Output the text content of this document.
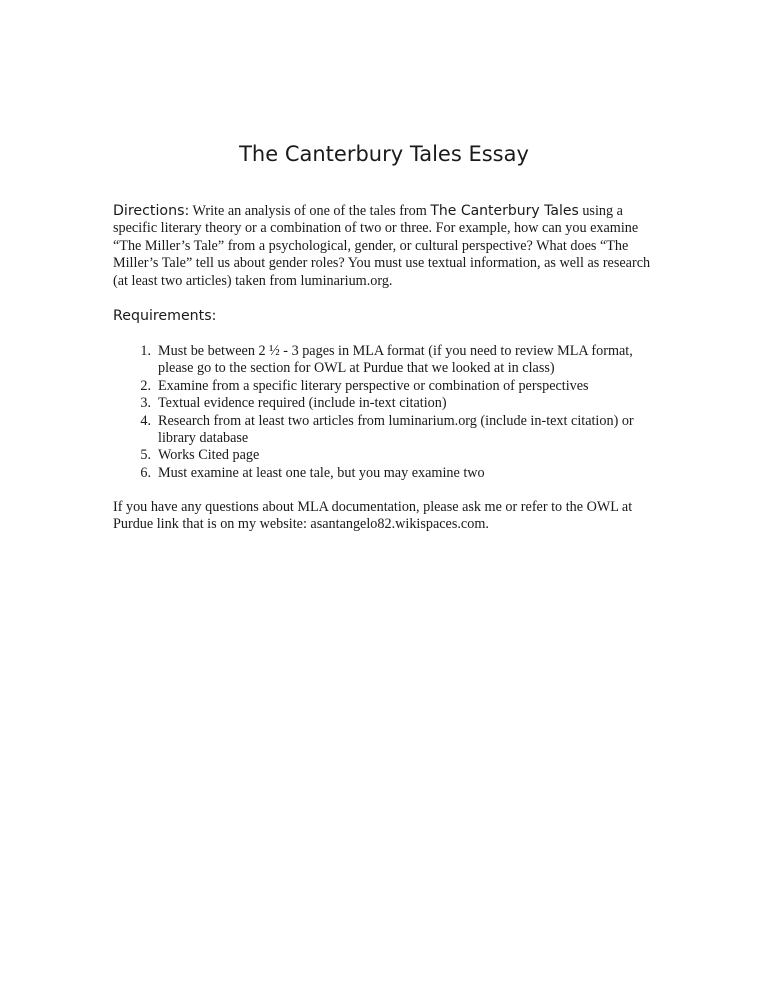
The Canterbury Tales Essay

Directions: Write an analysis of one of the tales from The Canterbury Tales using a specific literary theory or a combination of two or three. For example, how can you examine “The Miller’s Tale” from a psychological, gender, or cultural perspective? What does “The Miller’s Tale” tell us about gender roles? You must use textual information, as well as research (at least two articles) taken from luminarium.org.

Requirements:
1. Must be between 2 ½ - 3 pages in MLA format (if you need to review MLA format, please go to the section for OWL at Purdue that we looked at in class)
2. Examine from a specific literary perspective or combination of perspectives
3. Textual evidence required (include in-text citation)
4. Research from at least two articles from luminarium.org (include in-text citation) or library database
5. Works Cited page
6. Must examine at least one tale, but you may examine two

If you have any questions about MLA documentation, please ask me or refer to the OWL at Purdue link that is on my website: asantangelo82.wikispaces.com.
